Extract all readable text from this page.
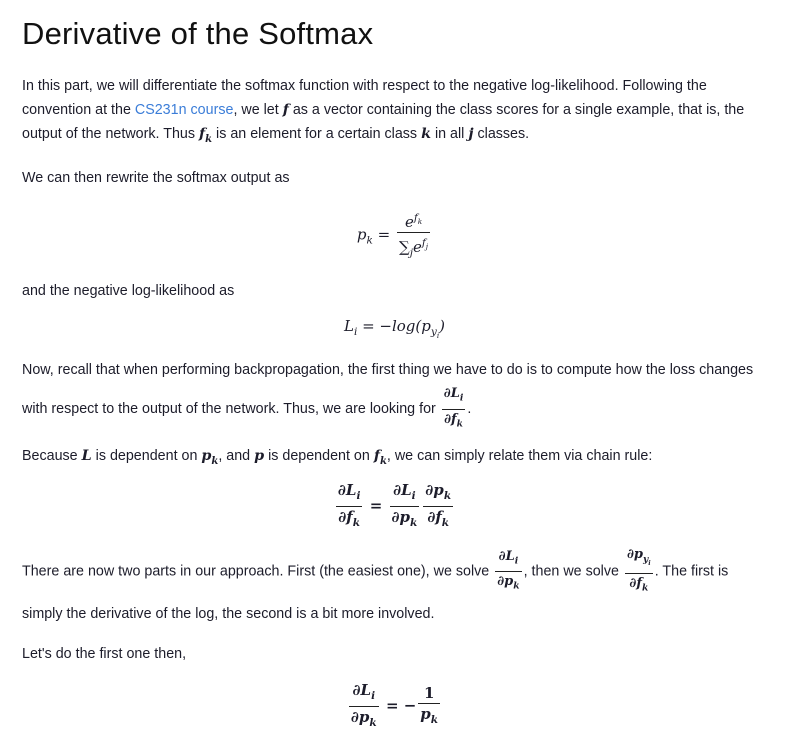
Derivative of the Softmax

In this part, we will differentiate the softmax function with respect to the negative log-likelihood. Following the convention at the CS231n course, we let f as a vector containing the class scores for a single example, that is, the output of the network. Thus $f_k$ is an element for a certain class k in all j classes.

We can then rewrite the softmax output as

$p_k = \frac{e^{f_k}}{\sum_je^{f_j}}$

and the negative log-likelihood as

$L_i = -\log(p_{y_i})$

Now, recall that when performing backpropagation, the first thing we have to do is to compute how the loss changes with respect to the output of the network. Thus, we are looking for $\frac{\partial L_i}{\partial f_k}$ .

Because L is dependent on $p_k$, and p is dependent on $f_k$, we can simply relate them via chain rule:

$\frac{\partial L_i}{\partial f_k} = \frac{\partial L_i}{\partial p_k} \frac{\partial p_k}{\partial f_k}$

There are now two parts in our approach. First (the easiest one), we solve $\frac{\partial L_i}{\partial p_k}$ , then we solve $\frac{\partial p_{y_i}}{\partial f_k}$ . The first is simply the derivative of the log, the second is a bit more involved.

Let's do the first one then,

$\frac{\partial L_i}{\partial p_k}$ = − $\frac{1}{p_k}$
